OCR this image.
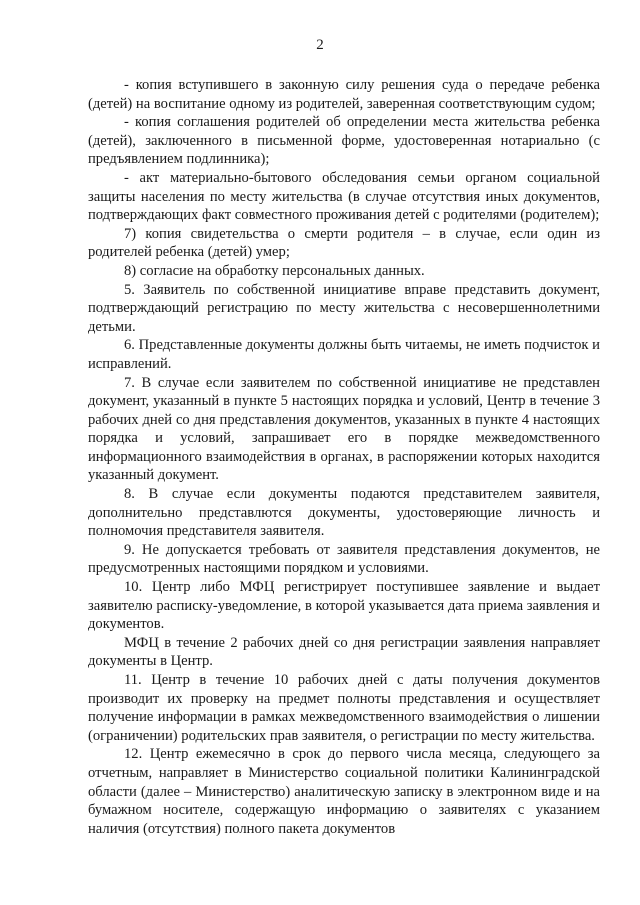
2

- копия вступившего в законную силу решения суда о передаче ребенка (детей) на воспитание одному из родителей, заверенная соответствующим судом;

- копия соглашения родителей об определении места жительства ребенка (детей), заключенного в письменной форме, удостоверенная нотариально (с предъявлением подлинника);

- акт материально-бытового обследования семьи органом социальной защиты населения по месту жительства (в случае отсутствия иных документов, подтверждающих факт совместного проживания детей с родителями (родителем);

7) копия свидетельства о смерти родителя – в случае, если один из родителей ребенка (детей) умер;

8) согласие на обработку персональных данных.

5. Заявитель по собственной инициативе вправе представить документ, подтверждающий регистрацию по месту жительства с несовершеннолетними детьми.

6. Представленные документы должны быть читаемы, не иметь подчисток и исправлений.

7. В случае если заявителем по собственной инициативе не представлен документ, указанный в пункте 5 настоящих порядка и условий, Центр в течение 3 рабочих дней со дня представления документов, указанных в пункте 4 настоящих порядка и условий, запрашивает его в порядке межведомственного информационного взаимодействия в органах, в распоряжении которых находится указанный документ.

8. В случае если документы подаются представителем заявителя, дополнительно представлются документы, удостоверяющие личность и полномочия представителя заявителя.

9. Не допускается требовать от заявителя представления документов, не предусмотренных настоящими порядком и условиями.

10. Центр либо МФЦ регистрирует поступившее заявление и выдает заявителю расписку-уведомление, в которой указывается дата приема заявления и документов.

МФЦ в течение 2 рабочих дней со дня регистрации заявления направляет документы в Центр.

11. Центр в течение 10 рабочих дней с даты получения документов производит их проверку на предмет полноты представления и осуществляет получение информации в рамках межведомственного взаимодействия о лишении (ограничении) родительских прав заявителя, о регистрации по месту жительства.

12. Центр ежемесячно в срок до первого числа месяца, следующего за отчетным, направляет в Министерство социальной политики Калининградской области (далее – Министерство) аналитическую записку в электронном виде и на бумажном носителе, содержащую информацию о заявителях с указанием наличия (отсутствия) полного пакета документов
